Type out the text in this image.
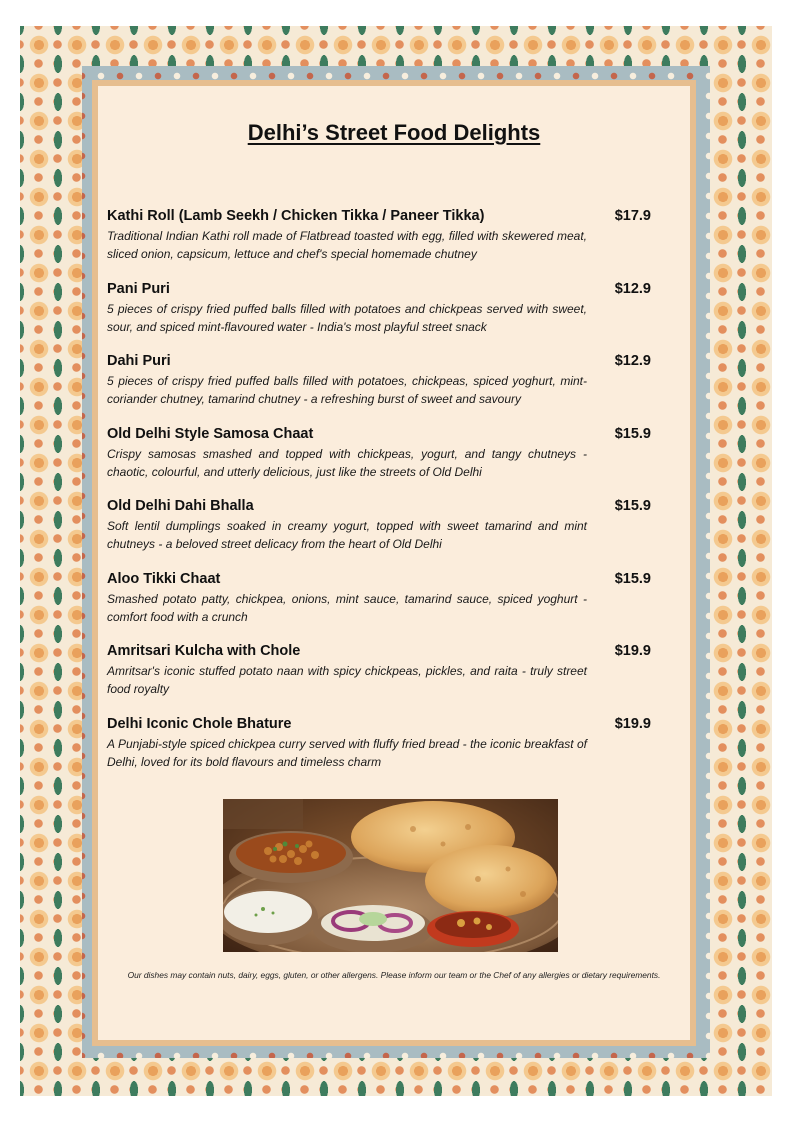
Delhi’s Street Food Delights

Kathi Roll (Lamb Seekh / Chicken Tikka / Paneer Tikka)	$17.9

Traditional Indian Kathi roll made of Flatbread toasted with egg, filled with skewered meat, sliced onion, capsicum, lettuce and chef's special homemade chutney

Pani Puri	$12.9

5 pieces of crispy fried puffed balls filled with potatoes and chickpeas served with sweet, sour, and spiced mint-flavoured water - India's most playful street snack

Dahi Puri	$12.9

5 pieces of crispy fried puffed balls filled with potatoes, chickpeas, spiced yoghurt, mint-coriander chutney, tamarind chutney - a refreshing burst of sweet and savoury

Old Delhi Style Samosa Chaat	$15.9

Crispy samosas smashed and topped with chickpeas, yogurt, and tangy chutneys - chaotic, colourful, and utterly delicious, just like the streets of Old Delhi

Old Delhi Dahi Bhalla	$15.9

Soft lentil dumplings soaked in creamy yogurt, topped with sweet tamarind and mint chutneys - a beloved street delicacy from the heart of Old Delhi

Aloo Tikki Chaat	$15.9

Smashed potato patty, chickpea, onions, mint sauce, tamarind sauce, spiced yoghurt - comfort food with a crunch

Amritsari Kulcha with Chole	$19.9

Amritsar's iconic stuffed potato naan with spicy chickpeas, pickles, and raita - truly street food royalty

Delhi Iconic Chole Bhature	$19.9

A Punjabi-style spiced chickpea curry served with fluffy fried bread - the iconic breakfast of Delhi, loved for its bold flavours and timeless charm

Our dishes may contain nuts, dairy, eggs, gluten, or other allergens. Please inform our team or the Chef of any allergies or dietary requirements.
